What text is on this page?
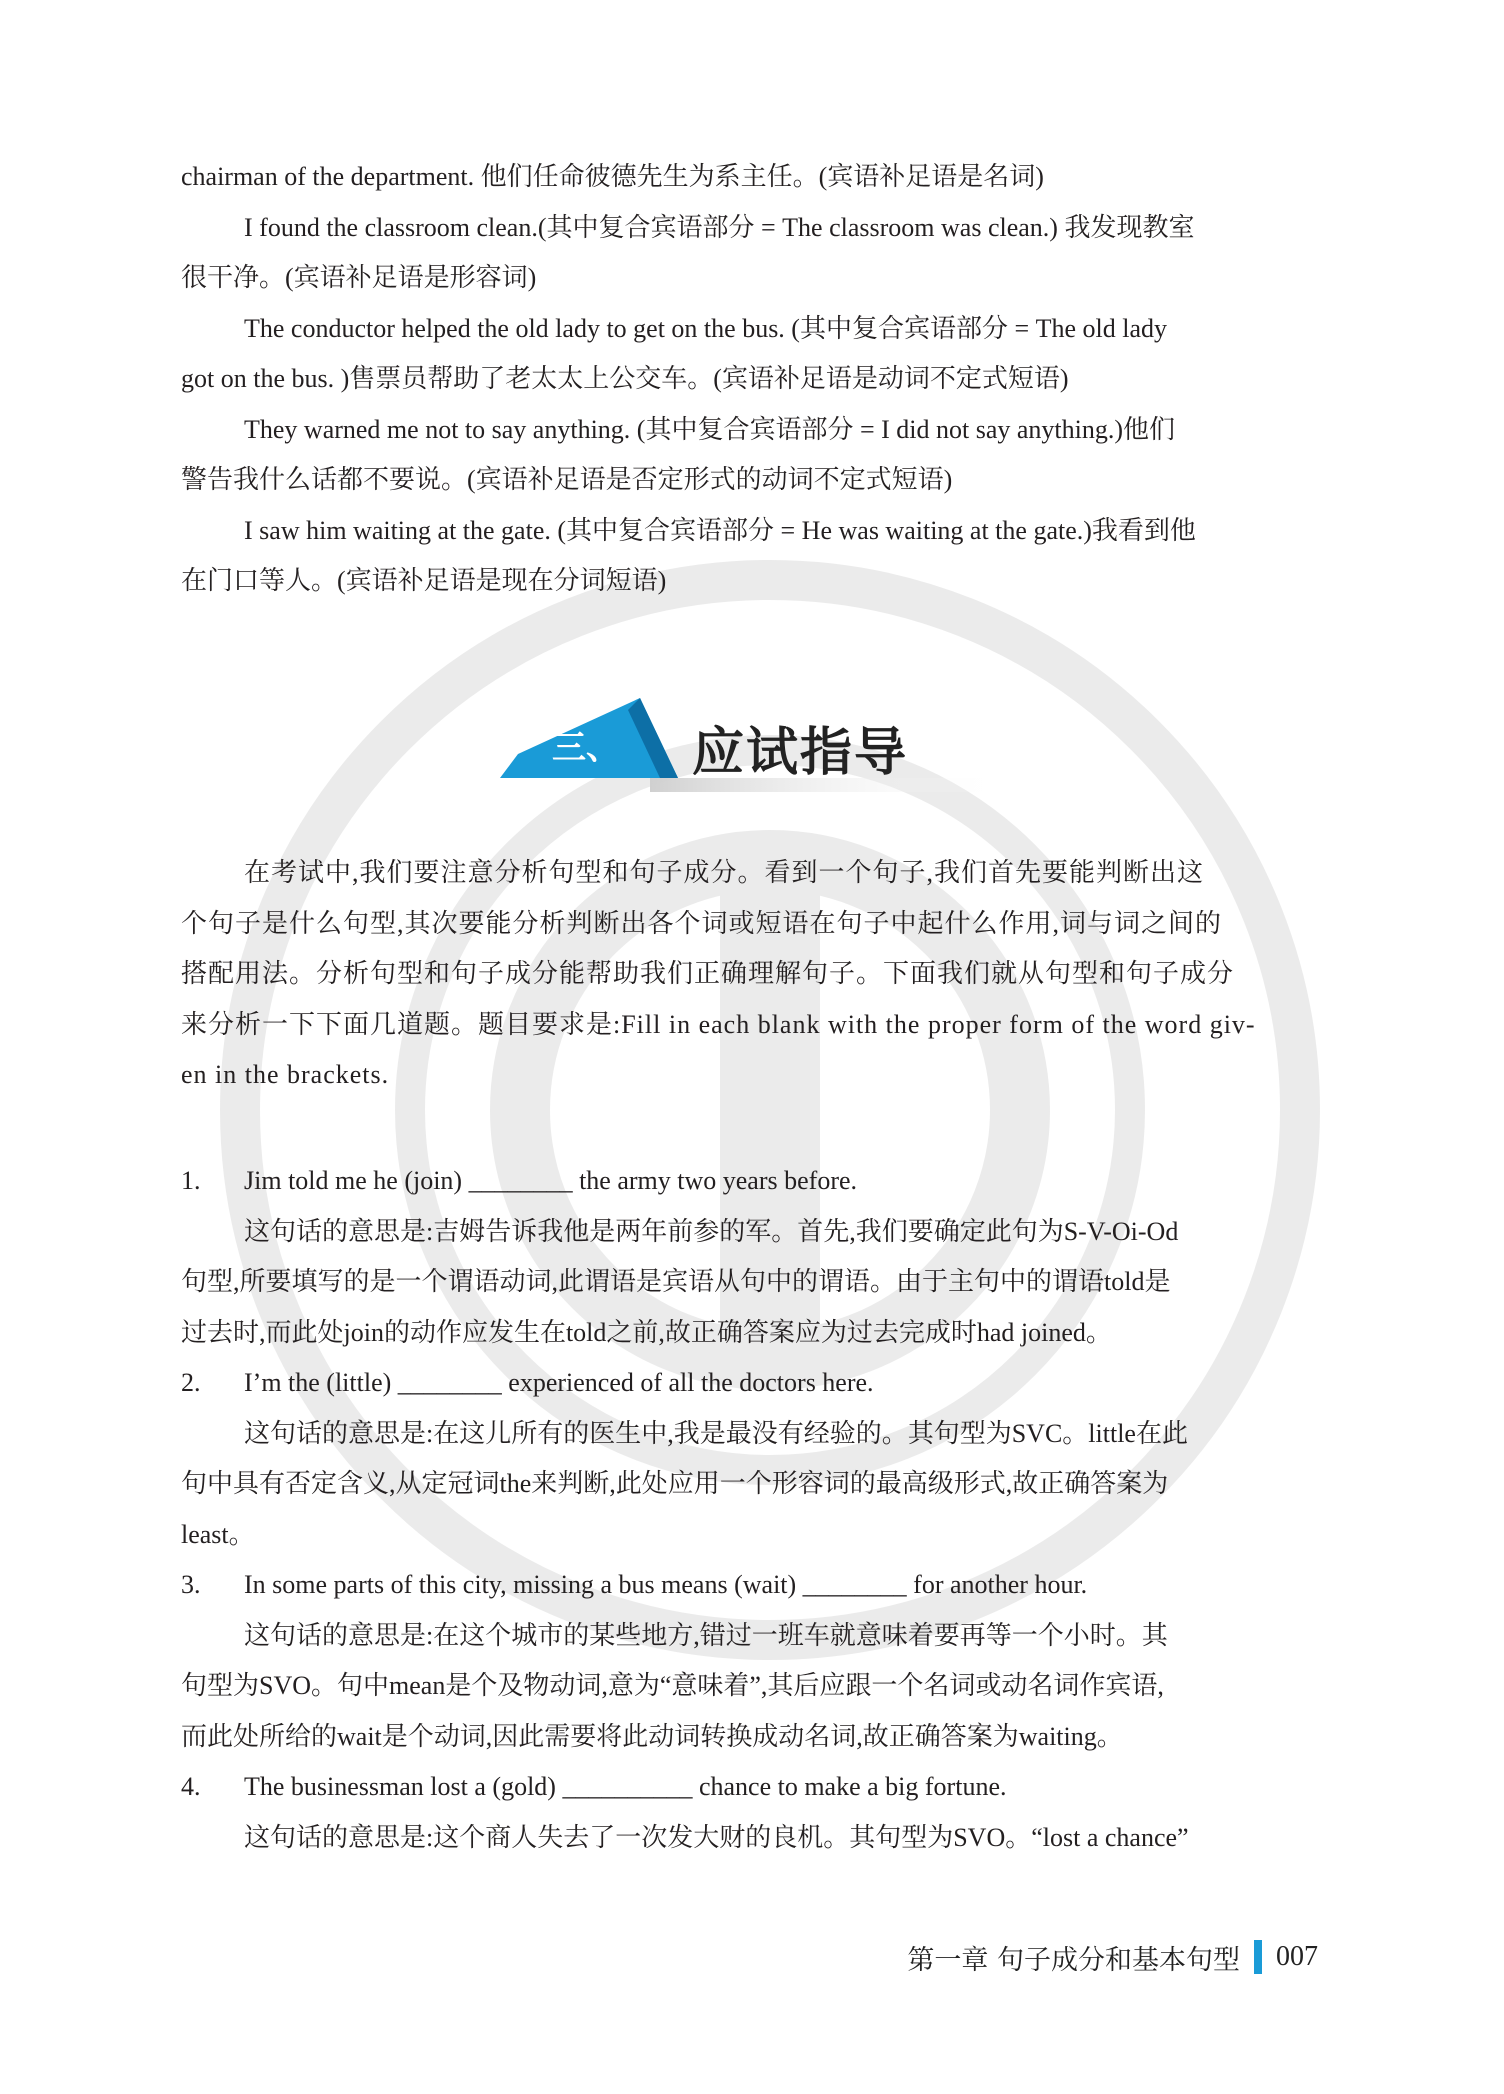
chairman of the department. 他们任命彼德先生为系主任。(宾语补足语是名词)
I found the classroom clean.(其中复合宾语部分 = The classroom was clean.) 我发现教室
很干净。(宾语补足语是形容词)
The conductor helped the old lady to get on the bus. (其中复合宾语部分 = The old lady
got on the bus. )售票员帮助了老太太上公交车。(宾语补足语是动词不定式短语)
They warned me not to say anything. (其中复合宾语部分 = I did not say anything.)他们
警告我什么话都不要说。(宾语补足语是否定形式的动词不定式短语)
I saw him waiting at the gate. (其中复合宾语部分 = He was waiting at the gate.)我看到他
在门口等人。(宾语补足语是现在分词短语)
三、 应试指导
在考试中,我们要注意分析句型和句子成分。看到一个句子,我们首先要能判断出这
个句子是什么句型,其次要能分析判断出各个词或短语在句子中起什么作用,词与词之间的
搭配用法。分析句型和句子成分能帮助我们正确理解句子。下面我们就从句型和句子成分
来分析一下下面几道题。题目要求是:Fill in each blank with the proper form of the word giv-
en in the brackets.
1. Jim told me he (join) ________ the army two years before.
这句话的意思是:吉姆告诉我他是两年前参的军。首先,我们要确定此句为S-V-Oi-Od
句型,所要填写的是一个谓语动词,此谓语是宾语从句中的谓语。由于主句中的谓语told是
过去时,而此处join的动作应发生在told之前,故正确答案应为过去完成时had joined。
2. I’m the (little) ________ experienced of all the doctors here.
这句话的意思是:在这儿所有的医生中,我是最没有经验的。其句型为SVC。little在此
句中具有否定含义,从定冠词the来判断,此处应用一个形容词的最高级形式,故正确答案为
least。
3. In some parts of this city, missing a bus means (wait) ________ for another hour.
这句话的意思是:在这个城市的某些地方,错过一班车就意味着要再等一个小时。其
句型为SVO。句中mean是个及物动词,意为“意味着”,其后应跟一个名词或动名词作宾语,
而此处所给的wait是个动词,因此需要将此动词转换成动名词,故正确答案为waiting。
4. The businessman lost a (gold) __________ chance to make a big fortune.
这句话的意思是:这个商人失去了一次发大财的良机。其句型为SVO。“lost a chance”
第一章 句子成分和基本句型 007
